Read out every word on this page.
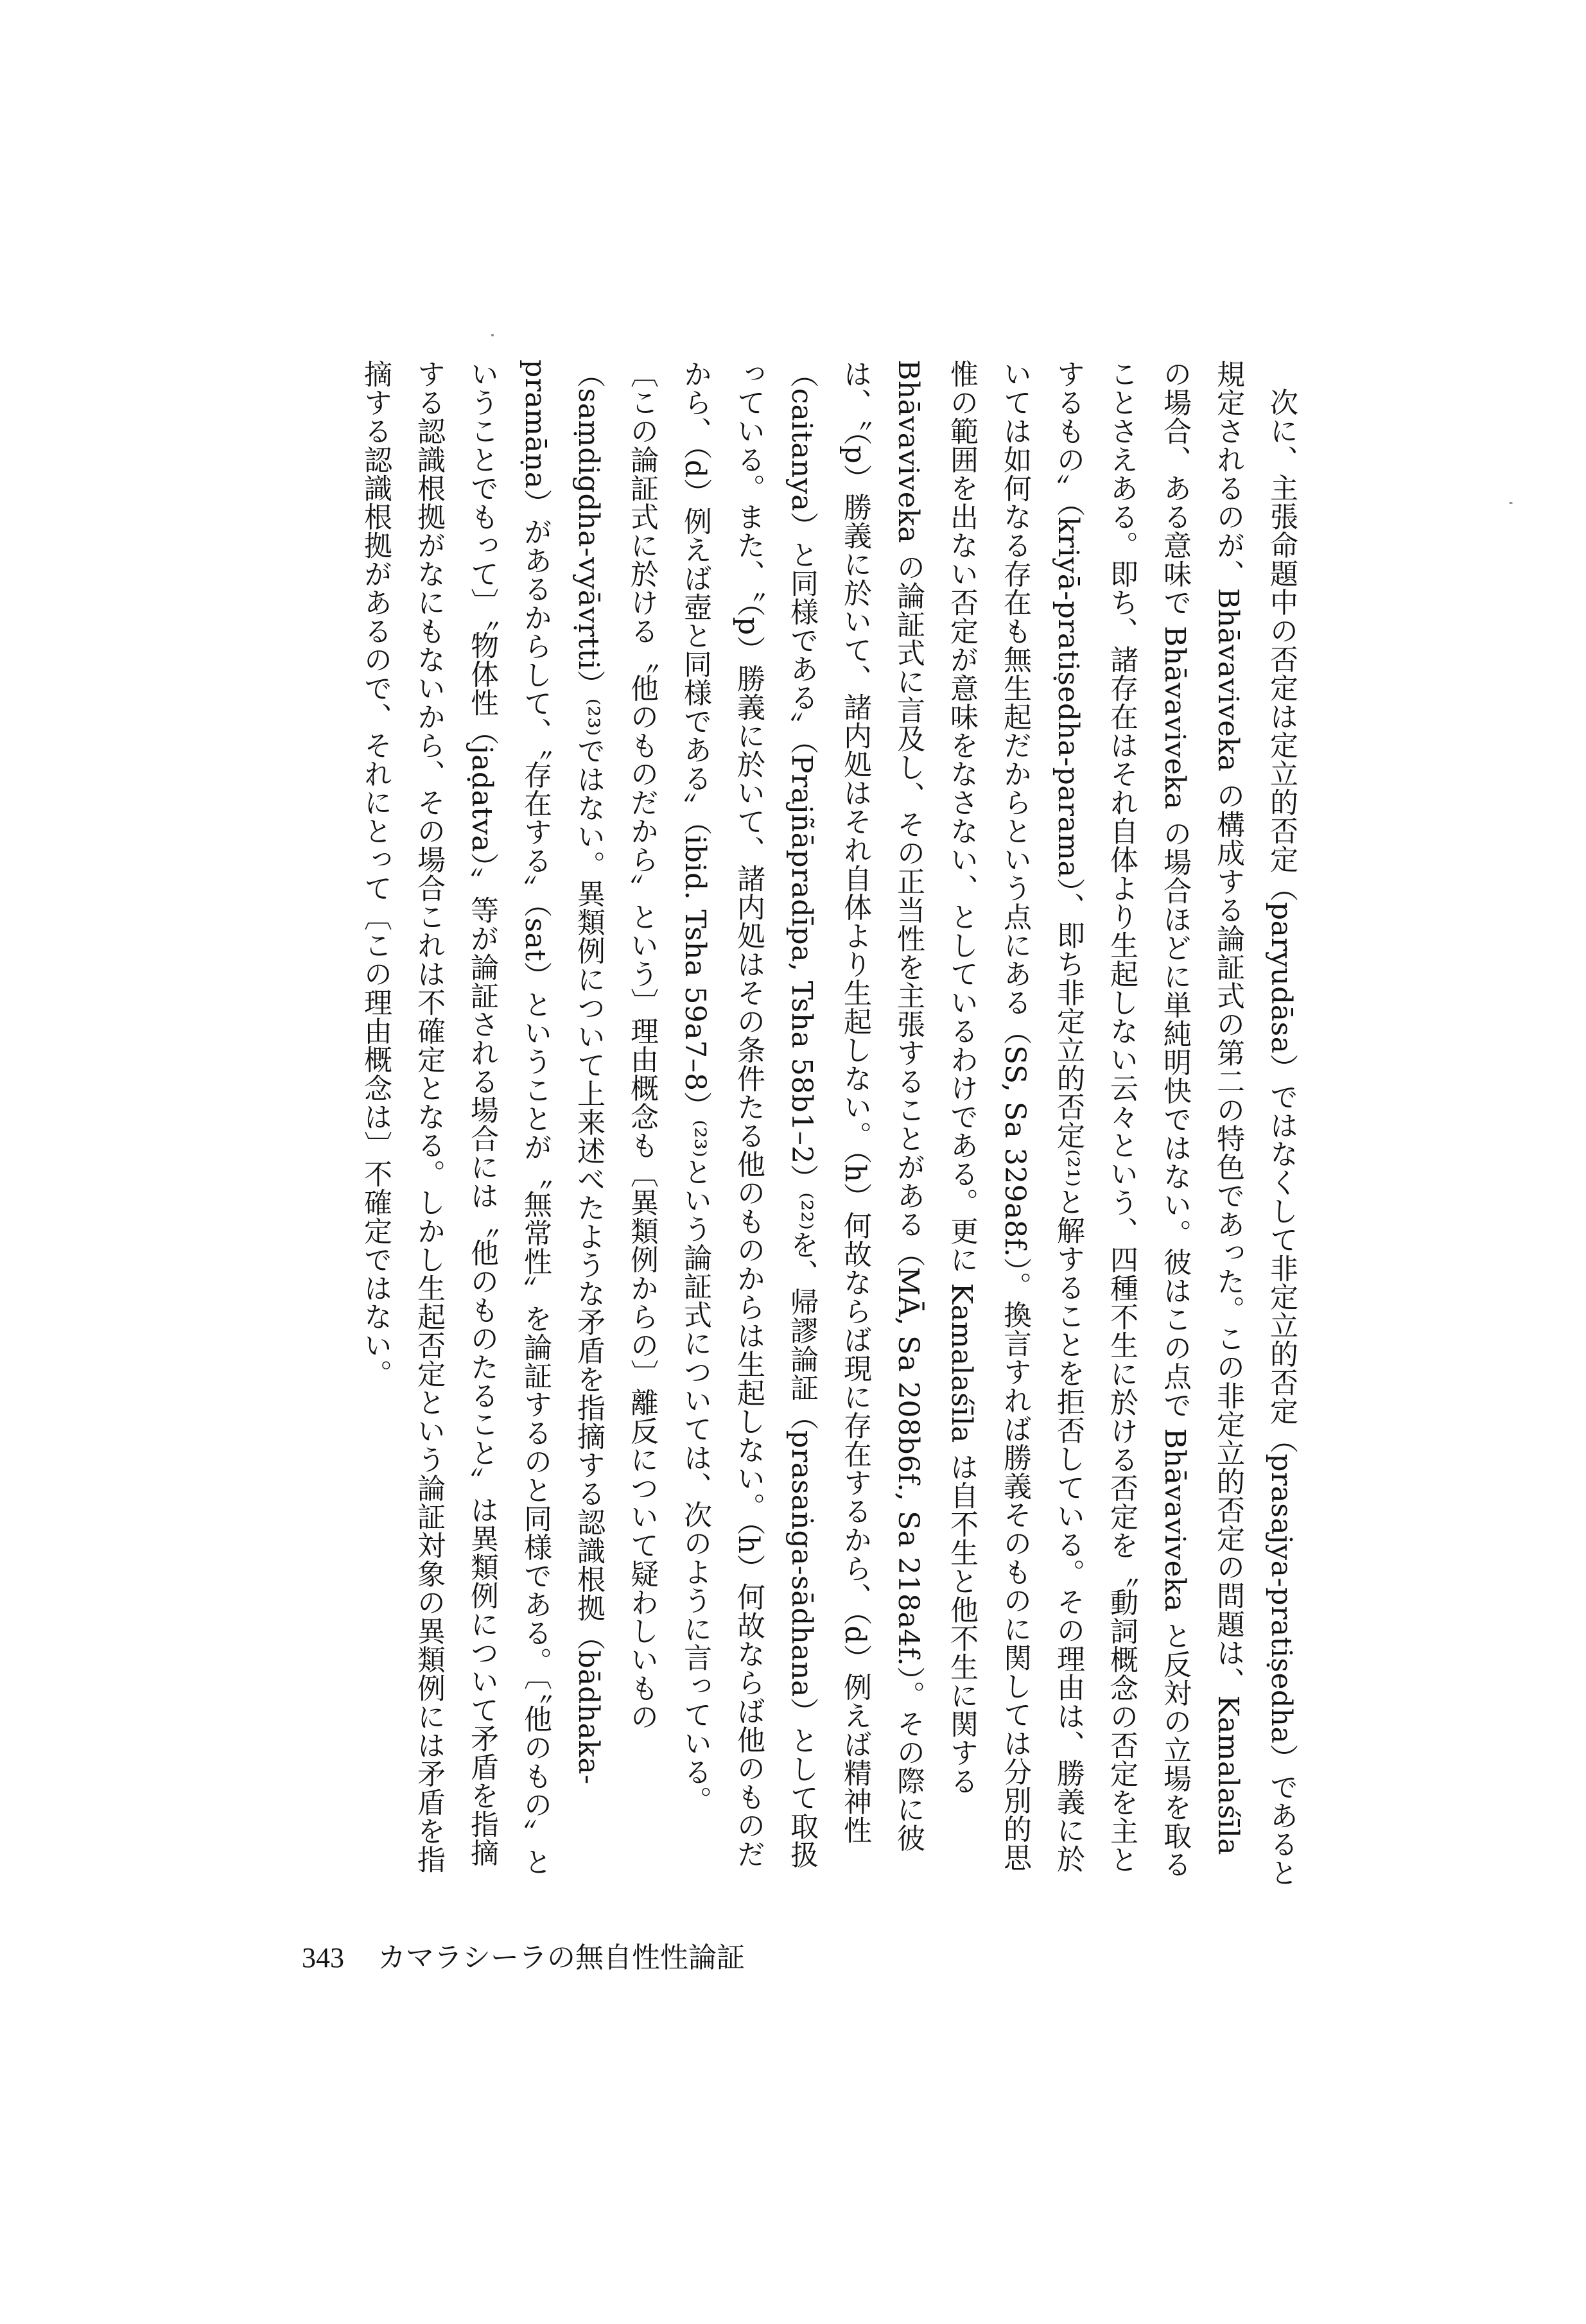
次に、主張命題中の否定は定立的否定（paryudāsa）ではなくして非定立的否定（prasajya-pratiṣedha）であると規定されるのが、Bhāvaviveka の構成する論証式の第二の特色であった。この非定立的否定の問題は、Kamalaśīla の場合、ある意味で Bhāvaviveka の場合ほどに単純明快ではない。彼はこの点で Bhāvaviveka と反対の立場を取ることさえある。即ち、諸存在はそれ自体より生起しない云々という、四種不生に於ける否定を〝動詞概念の否定を主とするもの〟（kriyā-pratiṣedha-parama）、即ち非定立的否定⁽²¹⁾と解することを拒否している。その理由は、勝義に於いては如何なる存在も無生起だからという点にある（SS, Sa 329a8f.）。換言すれば勝義そのものに関しては分別的思惟の範囲を出ない否定が意味をなさない、としているわけである。更に Kamalaśīla は自不生と他不生に関する Bhāvaviveka の論証式に言及し、その正当性を主張することがある（MĀ, Sa 208b6f., Sa 218a4f.）。その際に彼は、〝（p）勝義に於いて、諸内処はそれ自体より生起しない。（h）何故ならば現に存在するから、（d）例えば精神性（caitanya）と同様である〟（Prajñāpradīpa, Tsha 58b1–2）⁽²²⁾を、帰謬論証（prasaṅga-sādhana）として取扱っている。また、〝（p）勝義に於いて、諸内処はその条件たる他のものからは生起しない。（h）何故ならば他のものだから、（d）例えば壺と同様である〟（ibid. Tsha 59a7–8）⁽²³⁾という論証式については、次のように言っている。

〔この論証式に於ける〝他のものだから〟という〕理由概念も〔異類例からの〕離反について疑わしいもの（saṃdigdha-vyāvṛtti）⁽²³⁾ではない。異類例について上来述べたような矛盾を指摘する認識根拠（bādhaka-pramāṇa）があるからして、〝存在する〟（sat）ということが〝無常性〟を論証するのと同様である。〔〝他のもの〟ということでもって〕〝物体性（jaḍatva）〟等が論証される場合には〝他のものたること〟は異類例について矛盾を指摘する認識根拠がなにもないから、その場合これは不確定となる。しかし生起否定という論証対象の異類例には矛盾を指摘する認識根拠があるので、それにとって〔この理由概念は〕不確定ではない。

343 カマラシーラの無自性性論証
